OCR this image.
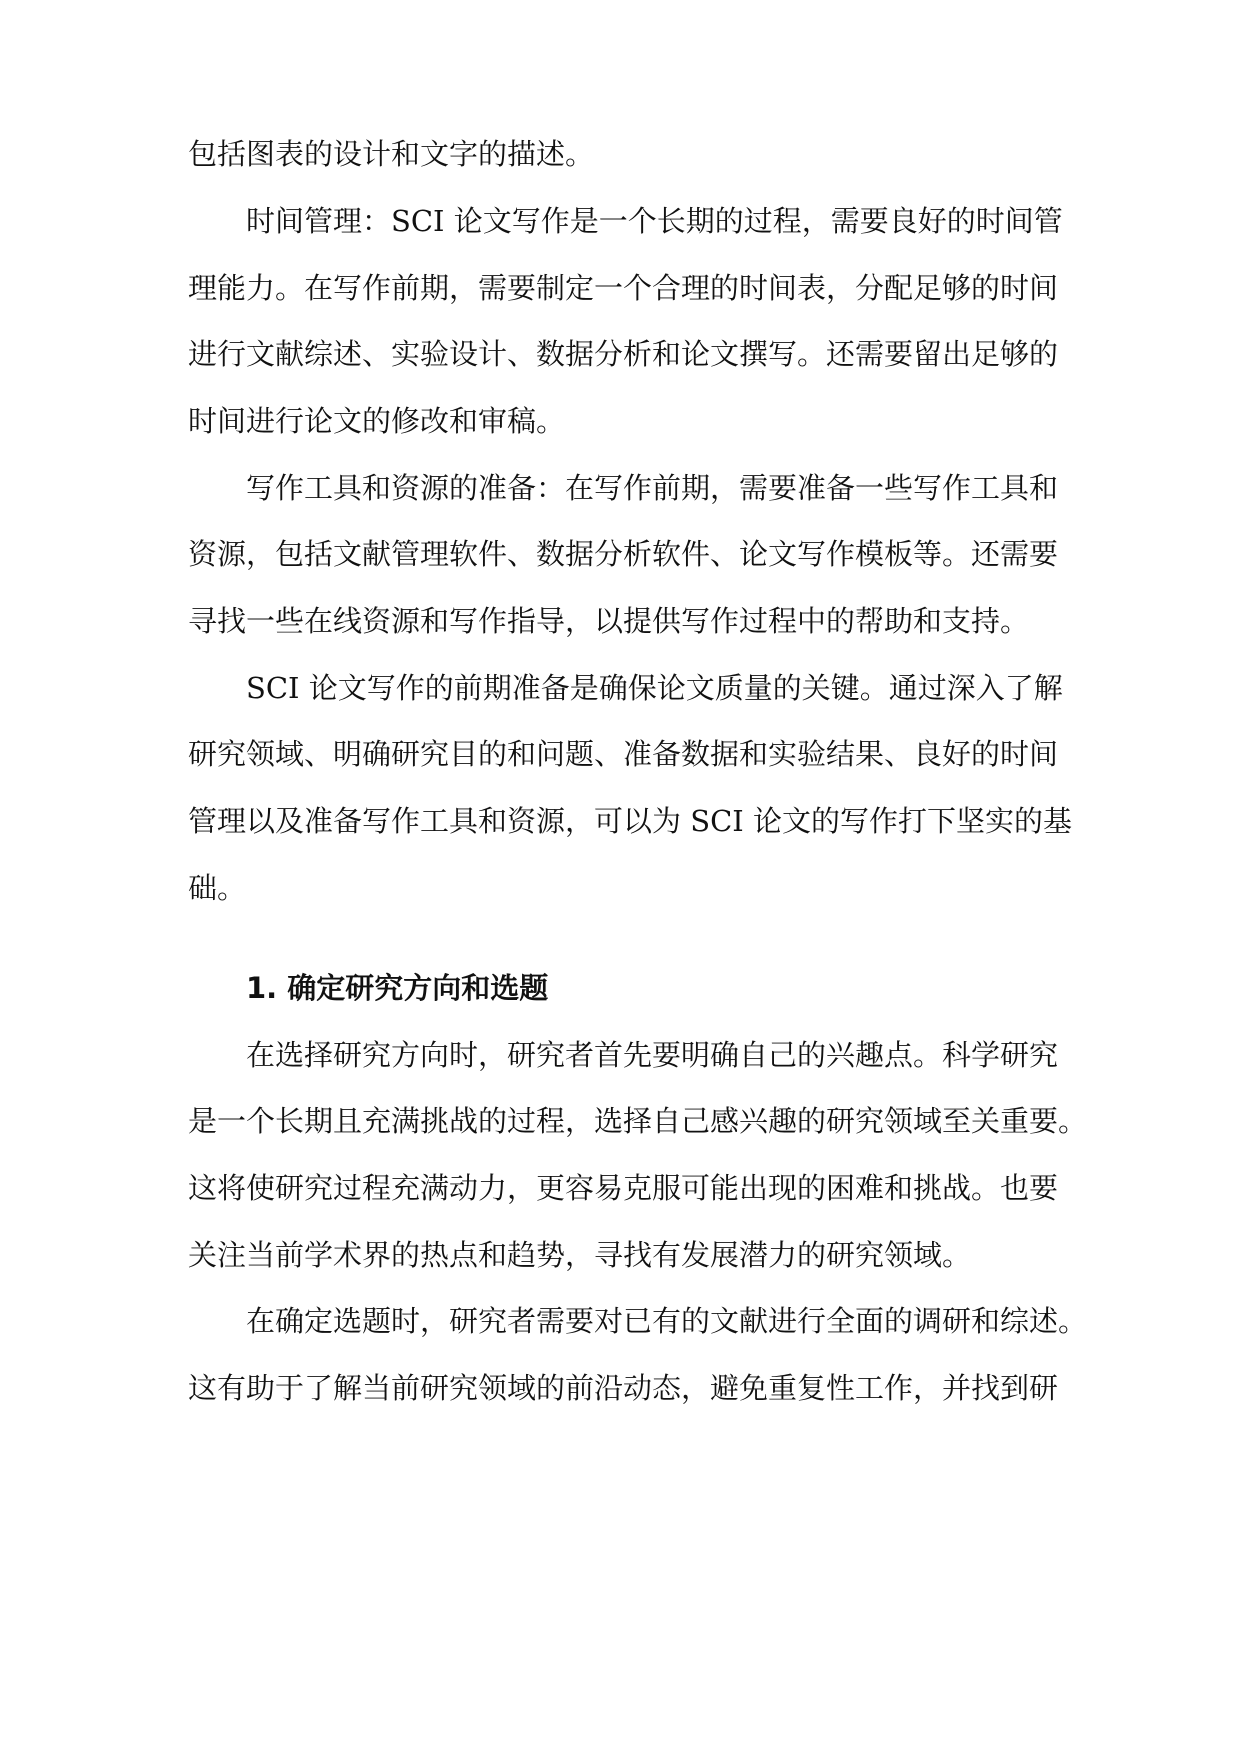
包括图表的设计和文字的描述。
时间管理：SCI 论文写作是一个长期的过程，需要良好的时间管
理能力。在写作前期，需要制定一个合理的时间表，分配足够的时间
进行文献综述、实验设计、数据分析和论文撰写。还需要留出足够的
时间进行论文的修改和审稿。
写作工具和资源的准备：在写作前期，需要准备一些写作工具和
资源，包括文献管理软件、数据分析软件、论文写作模板等。还需要
寻找一些在线资源和写作指导，以提供写作过程中的帮助和支持。
SCI 论文写作的前期准备是确保论文质量的关键。通过深入了解
研究领域、明确研究目的和问题、准备数据和实验结果、良好的时间
管理以及准备写作工具和资源，可以为 SCI 论文的写作打下坚实的基
础。
1. 确定研究方向和选题
在选择研究方向时，研究者首先要明确自己的兴趣点。科学研究
是一个长期且充满挑战的过程，选择自己感兴趣的研究领域至关重要。
这将使研究过程充满动力，更容易克服可能出现的困难和挑战。也要
关注当前学术界的热点和趋势，寻找有发展潜力的研究领域。
在确定选题时，研究者需要对已有的文献进行全面的调研和综述。
这有助于了解当前研究领域的前沿动态，避免重复性工作，并找到研
